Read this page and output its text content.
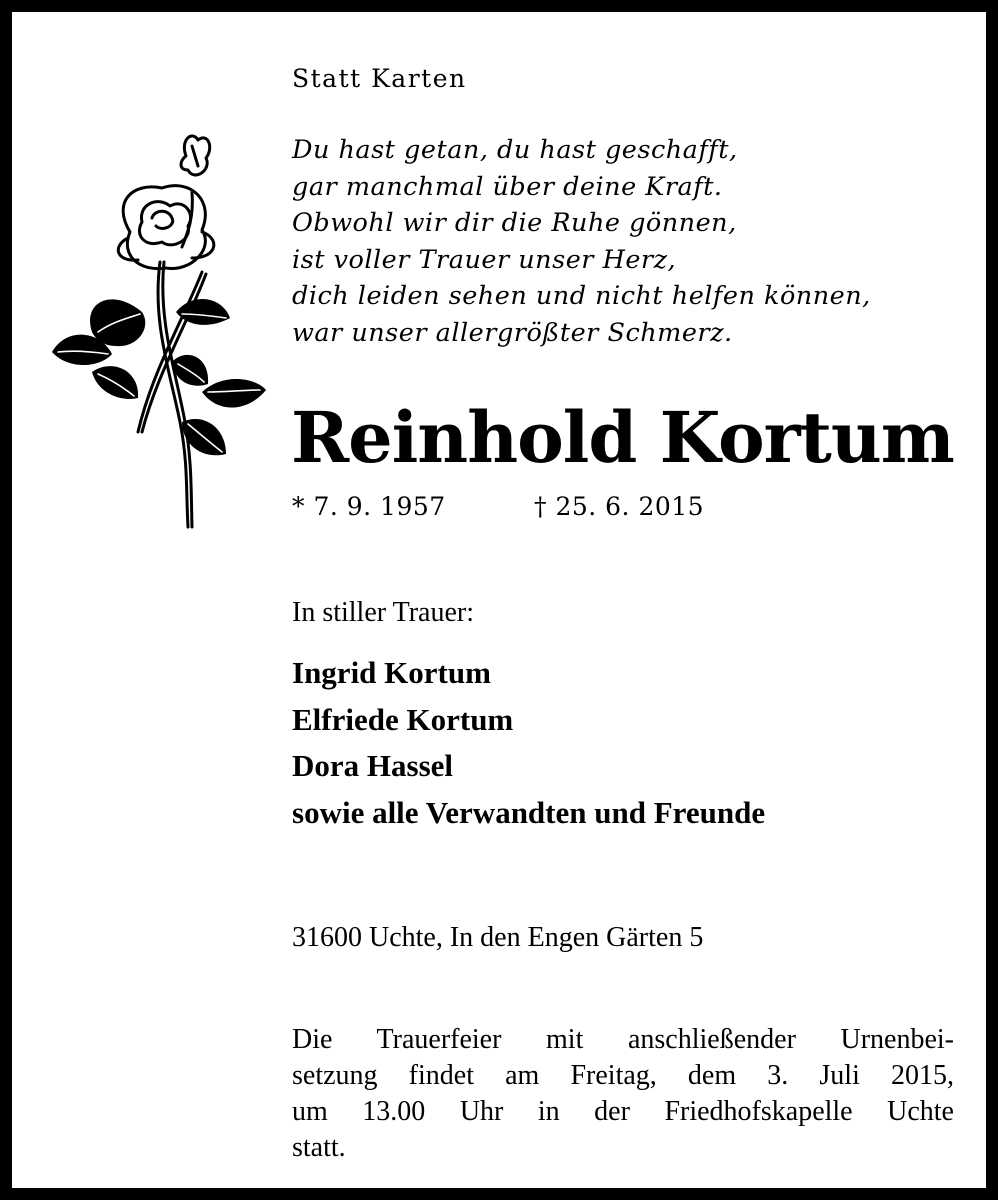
Statt Karten
Du hast getan, du hast geschafft,
gar manchmal über deine Kraft.
Obwohl wir dir die Ruhe gönnen,
ist voller Trauer unser Herz,
dich leiden sehen und nicht helfen können,
war unser allergrößter Schmerz.
Reinhold Kortum
* 7. 9. 1957	† 25. 6. 2015
In stiller Trauer:
Ingrid Kortum
Elfriede Kortum
Dora Hassel
sowie alle Verwandten und Freunde
31600 Uchte, In den Engen Gärten 5
Die Trauerfeier mit anschließender Urnenbei-
setzung findet am Freitag, dem 3. Juli 2015,
um 13.00 Uhr in der Friedhofskapelle Uchte
statt.
